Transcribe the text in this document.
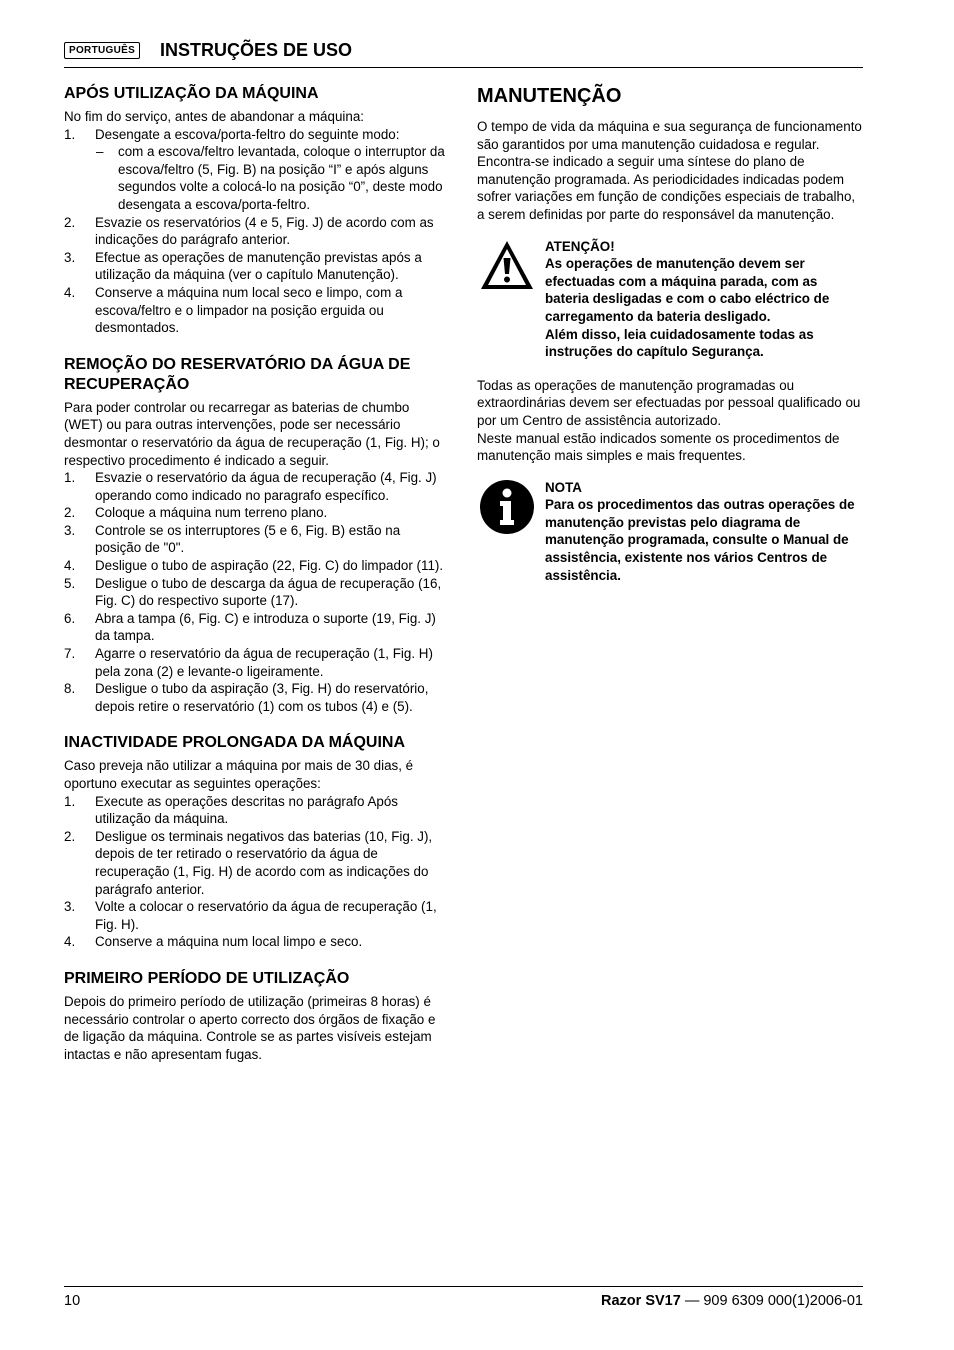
PORTUGUÊS INSTRUÇÕES DE USO
APÓS UTILIZAÇÃO DA MÁQUINA

No fim do serviço, antes de abandonar a máquina:

1. Desengate a escova/porta-feltro do seguinte modo:
– com a escova/feltro levantada, coloque o interruptor da escova/feltro (5, Fig. B) na posição “I” e após alguns segundos volte a colocá-lo na posição “0”, deste modo desengata a escova/porta-feltro.
2. Esvazie os reservatórios (4 e 5, Fig. J) de acordo com as indicações do parágrafo anterior.
3. Efectue as operações de manutenção previstas após a utilização da máquina (ver o capítulo Manutenção).
4. Conserve a máquina num local seco e limpo, com a escova/feltro e o limpador na posição erguida ou desmontados.
REMOÇÃO DO RESERVATÓRIO DA ÁGUA DE RECUPERAÇÃO

Para poder controlar ou recarregar as baterias de chumbo (WET) ou para outras intervenções, pode ser necessário desmontar o reservatório da água de recuperação (1, Fig. H); o respectivo procedimento é indicado a seguir.

1. Esvazie o reservatório da água de recuperação (4, Fig. J) operando como indicado no paragrafo específico.
2. Coloque a máquina num terreno plano.
3. Controle se os interruptores (5 e 6, Fig. B) estão na posição de "0".
4. Desligue o tubo de aspiração (22, Fig. C) do limpador (11).
5. Desligue o tubo de descarga da água de recuperação (16, Fig. C) do respectivo suporte (17).
6. Abra a tampa (6, Fig. C) e introduza o suporte (19, Fig. J) da tampa.
7. Agarre o reservatório da água de recuperação (1, Fig. H) pela zona (2) e levante-o ligeiramente.
8. Desligue o tubo da aspiração (3, Fig. H) do reservatório, depois retire o reservatório (1) com os tubos (4) e (5).
INACTIVIDADE PROLONGADA DA MÁQUINA

Caso preveja não utilizar a máquina por mais de 30 dias, é oportuno executar as seguintes operações:

1. Execute as operações descritas no parágrafo Após utilização da máquina.
2. Desligue os terminais negativos das baterias (10, Fig. J), depois de ter retirado o reservatório da água de recuperação (1, Fig. H) de acordo com as indicações do parágrafo anterior.
3. Volte a colocar o reservatório da água de recuperação (1, Fig. H).
4. Conserve a máquina num local limpo e seco.
PRIMEIRO PERÍODO DE UTILIZAÇÃO

Depois do primeiro período de utilização (primeiras 8 horas) é necessário controlar o aperto correcto dos órgãos de fixação e de ligação da máquina. Controle se as partes visíveis estejam intactas e não apresentam fugas.

MANUTENÇÃO

O tempo de vida da máquina e sua segurança de funcionamento são garantidos por uma manutenção cuidadosa e regular.

Encontra-se indicado a seguir uma síntese do plano de manutenção programada. As periodicidades indicadas podem sofrer variações em função de condições especiais de trabalho, a serem definidas por parte do responsável da manutenção.

ATENÇÃO!
As operações de manutenção devem ser efectuadas com a máquina parada, com as bateria desligadas e com o cabo eléctrico de carregamento da bateria desligado.
Além disso, leia cuidadosamente todas as instruções do capítulo Segurança.

Todas as operações de manutenção programadas ou extraordinárias devem ser efectuadas por pessoal qualificado ou por um Centro de assistência autorizado.

Neste manual estão indicados somente os procedimentos de manutenção mais simples e mais frequentes.

NOTA
Para os procedimentos das outras operações de manutenção previstas pelo diagrama de manutenção programada, consulte o Manual de assistência, existente nos vários Centros de assistência.
10	Razor SV17 — 909 6309 000(1)2006-01
